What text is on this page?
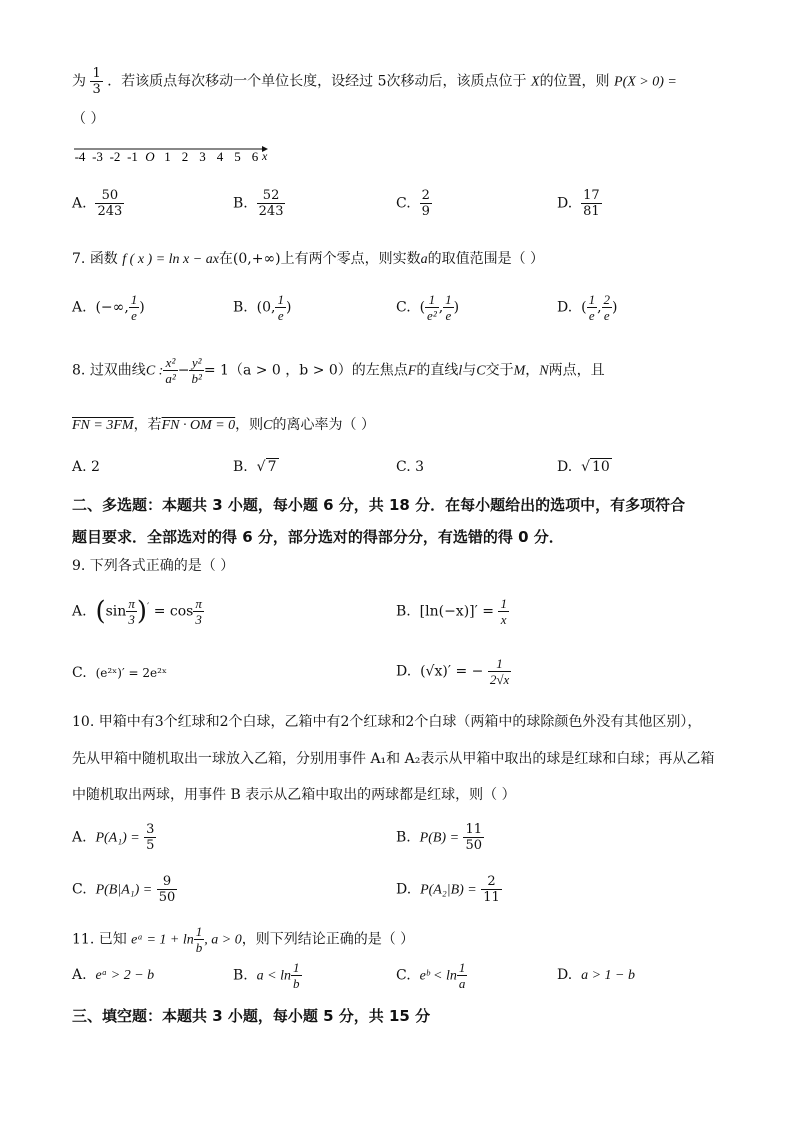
为 $\frac{1}{3}$ ．若该质点每次移动一个单位长度，设经过 5次移动后，该质点位于 X的位置，则 P(X > 0) =
（ ）
-4 -3 -2 -1 O 1 2 3 4 5 6 x
A. $\frac{50}{243}$	B. $\frac{52}{243}$	C. $\frac{2}{9}$	D. $\frac{17}{81}$
7. 函数 f ( x ) = ln x − ax在(0,+∞)上有两个零点，则实数a的取值范围是（ ）
A. (−∞, $\frac{1}{e}$ )	B. (0, $\frac{1}{e}$ )	C. ( $\frac{1}{\text{e²}}$ , $\frac{1}{e}$ )	D. ( $\frac{1}{e}$ , $\frac{2}{e}$ )
8. 过双曲线C : $\frac{\text{x²}}{\text{a²}} - \frac{\text{y²}}{\text{b²}} = 1(a > 0$ ，b > 0）的左焦点F的直线l与C交于M，N两点，且
FN = 3FM，若FN · OM = 0，则C的离心率为（ ）
A. 2	B.  √ 7	C. 3	D.  √ 10
二、多选题：本题共 3 小题，每小题 6 分，共 18 分．在每小题给出的选项中，有多项符合
题目要求．全部选对的得 6 分，部分选对的得部分分，有选错的得 0 分．
9. 下列各式正确的是（ ）
A. $(\sin \frac{\pi}{3} )' = \cos \frac{\pi}{3}$	B. $[\ln(-x)]' = \frac{1}{x}$
C. (e²ˣ)′ = 2e²ˣ	D. (√x)′ = − $\frac{1}{2√x}$
10. 甲箱中有3个红球和2个白球，乙箱中有2个红球和2个白球（两箱中的球除颜色外没有其他区别），
先从甲箱中随机取出一球放入乙箱，分别用事件 A₁和 A₂表示从甲箱中取出的球是红球和白球；再从乙箱
中随机取出两球，用事件 B 表示从乙箱中取出的两球都是红球，则（ ）
A. $P(A_1) = \frac{3}{5}$	B. $P(B) = \frac{11}{50}$
C. $P(B|A_1) = \frac{9}{50}$	D. $P(A_2|B) = \frac{2}{11}$
11. 已知 eᵃ = $1 + \ln \frac{1}{b}$ , a > 0，则下列结论正确的是（ ）
A. eᵃ > 2 − b	B. $a < \ln \frac{1}{b}$	C. eᵇ < $\ln \frac{1}{a}$	D. a > 1 − b
三、填空题：本题共 3 小题，每小题 5 分，共 15 分
